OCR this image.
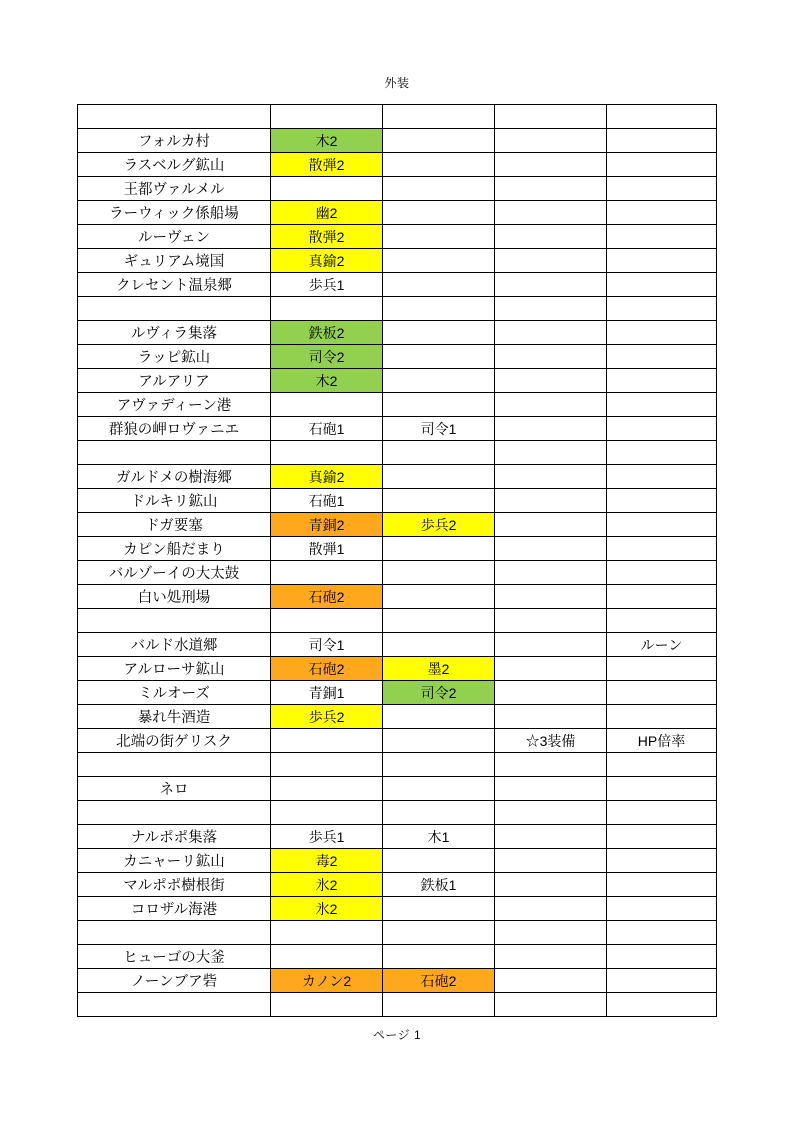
外装

フォルカ村	木2			
ラスベルグ鉱山	散弾2			
王都ヴァルメル				
ラーウィック係船場	幽2			
ルーヴェン	散弾2			
ギュリアム境国	真鍮2			
クレセント温泉郷	歩兵1			

ルヴィラ集落	鉄板2			
ラッピ鉱山	司令2			
アルアリア	木2			
アヴァディーン港				
群狼の岬ロヴァニエ	石砲1	司令1		

ガルドメの樹海郷	真鍮2			
ドルキリ鉱山	石砲1			
ドガ要塞	青銅2	歩兵2		
カピン船だまり	散弾1			
バルゾーイの大太鼓				
白い処刑場	石砲2			

バルド水道郷	司令1			ルーン
アルローサ鉱山	石砲2	墨2		
ミルオーズ	青銅1	司令2		
暴れ牛酒造	歩兵2			
北端の街ゲリスク			☆3装備	HP倍率

ネロ				

ナルポポ集落	歩兵1	木1		
カニャーリ鉱山	毒2			
マルポポ樹根街	氷2	鉄板1		
コロザル海港	氷2			

ヒューゴの大釜				
ノーンブア砦	カノン2	石砲2		

ページ 1
